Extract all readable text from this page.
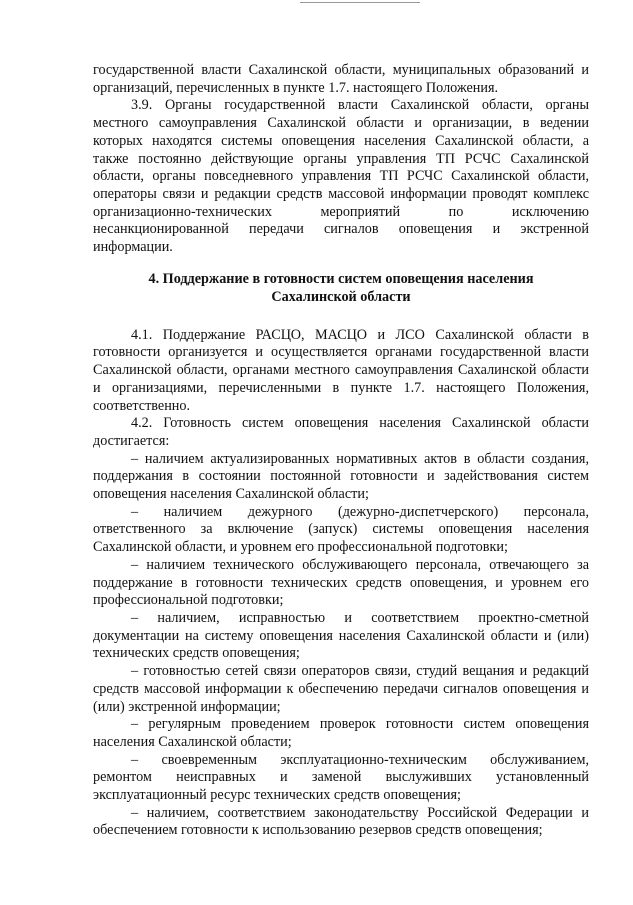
государственной власти Сахалинской области, муниципальных образований и организаций, перечисленных в пункте 1.7. настоящего Положения.

3.9. Органы государственной власти Сахалинской области, органы местного самоуправления Сахалинской области и организации, в ведении которых находятся системы оповещения населения Сахалинской области, а также постоянно действующие органы управления ТП РСЧС Сахалинской области, органы повседневного управления ТП РСЧС Сахалинской области, операторы связи и редакции средств массовой информации проводят комплекс организационно-технических мероприятий по исключению несанкционированной передачи сигналов оповещения и экстренной информации.

4. Поддержание в готовности систем оповещения населения
Сахалинской области

4.1. Поддержание РАСЦО, МАСЦО и ЛСО Сахалинской области в готовности организуется и осуществляется органами государственной власти Сахалинской области, органами местного самоуправления Сахалинской области и организациями, перечисленными в пункте 1.7. настоящего Положения, соответственно.

4.2. Готовность систем оповещения населения Сахалинской области достигается:

– наличием актуализированных нормативных актов в области создания, поддержания в состоянии постоянной готовности и задействования систем оповещения населения Сахалинской области;

– наличием дежурного (дежурно-диспетчерского) персонала, ответственного за включение (запуск) системы оповещения населения Сахалинской области, и уровнем его профессиональной подготовки;

– наличием технического обслуживающего персонала, отвечающего за поддержание в готовности технических средств оповещения, и уровнем его профессиональной подготовки;

– наличием, исправностью и соответствием проектно-сметной документации на систему оповещения населения Сахалинской области и (или) технических средств оповещения;

– готовностью сетей связи операторов связи, студий вещания и редакций средств массовой информации к обеспечению передачи сигналов оповещения и (или) экстренной информации;

– регулярным проведением проверок готовности систем оповещения населения Сахалинской области;

– своевременным эксплуатационно-техническим обслуживанием, ремонтом неисправных и заменой выслуживших установленный эксплуатационный ресурс технических средств оповещения;

– наличием, соответствием законодательству Российской Федерации и обеспечением готовности к использованию резервов средств оповещения;
